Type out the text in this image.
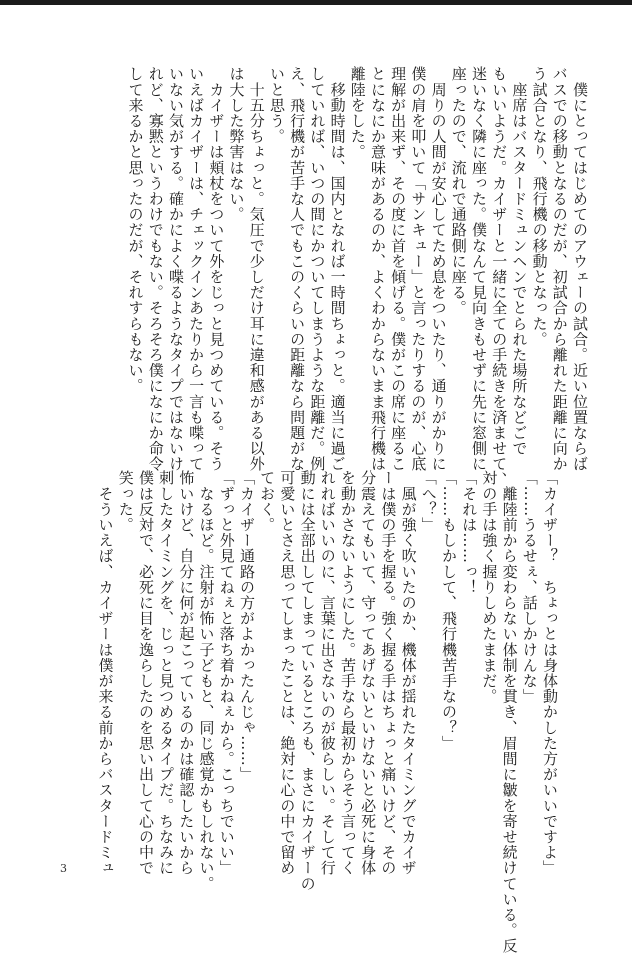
　僕にとってはじめてのアウェーの試合。近い位置ならば

バスでの移動となるのだが、初試合から離れた距離に向か

う試合となり、飛行機の移動となった。

　座席はバスタードミュンヘンでとられた場所などごで

もいいようだ。カイザーと一緒に全ての手続きを済ませて、

迷いなく隣に座った。僕なんて見向きもせずに先に窓側に

座ったので、流れで通路側に座る。

　周りの人間が安心してため息をついたり、通りがかりに

僕の肩を叩いて「サンキュー」と言ったりするのが、心底

理解が出来ず、その度に首を傾げる。僕がこの席に座るこ

とになにか意味があるのか、よくわからないまま飛行機は

離陸をした。

　移動時間は、国内となれば一時間ちょっと。適当に過ご

していれば、いつの間にかついてしまうような距離だ。例

え、飛行機が苦手な人でもこのくらいの距離なら問題がな

いと思う。

　十五分ちょっと。気圧で少しだけ耳に違和感がある以外

は大した弊害はない。

　カイザーは頬杖をついて外をじっと見つめている。そう

いえばカイザーは、チェックインあたりから一言も喋って

いない気がする。確かによく喋るようなタイプではないけ

れど、寡黙というわけでもない。そろそろ僕になにか命令

して来るかと思ったのだが、それすらもない。

「カイザー？　ちょっとは身体動かした方がいいですよ」

「……うるせぇ、話しかけんな」

　離陸前から変わらない体制を貫き、眉間に皺を寄せ続けている。反

対の手は強く握りしめたままだ。

「それは……っ！

「……もしかして、飛行機苦手なの？」

「へ？」

　風が強く吹いたのか、機体が揺れたタイミングでカイザ

ーは僕の手を握る。強く握る手はちょっと痛いけど、その

分震えてもいて、守ってあげないといけないと必死に身体

を動かさないようにした。苦手なら最初からそう言ってく

れればいいのに、言葉に出さないのが彼らしい。そして行

動には全部出してしまっているところも、まさにカイザーの

可愛いとさえ思ってしまったことは、絶対に心の中で留め

ておく。

「カイザー通路の方がよかったんじゃ……」

「ずっと外見てねぇと落ち着かねぇから。こっちでいい」

　なるほど。注射が怖い子どもと、同じ感覚かもしれない。

怖いけど、自分に何が起こっているのかは確認したいから

刺したタイミングを、じっと見つめるタイプだ。ちなみに

僕は反対で、必死に目を逸らしたのを思い出して心の中で

笑った。

　そういえば、カイザーは僕が来る前からバスタードミュ

3
